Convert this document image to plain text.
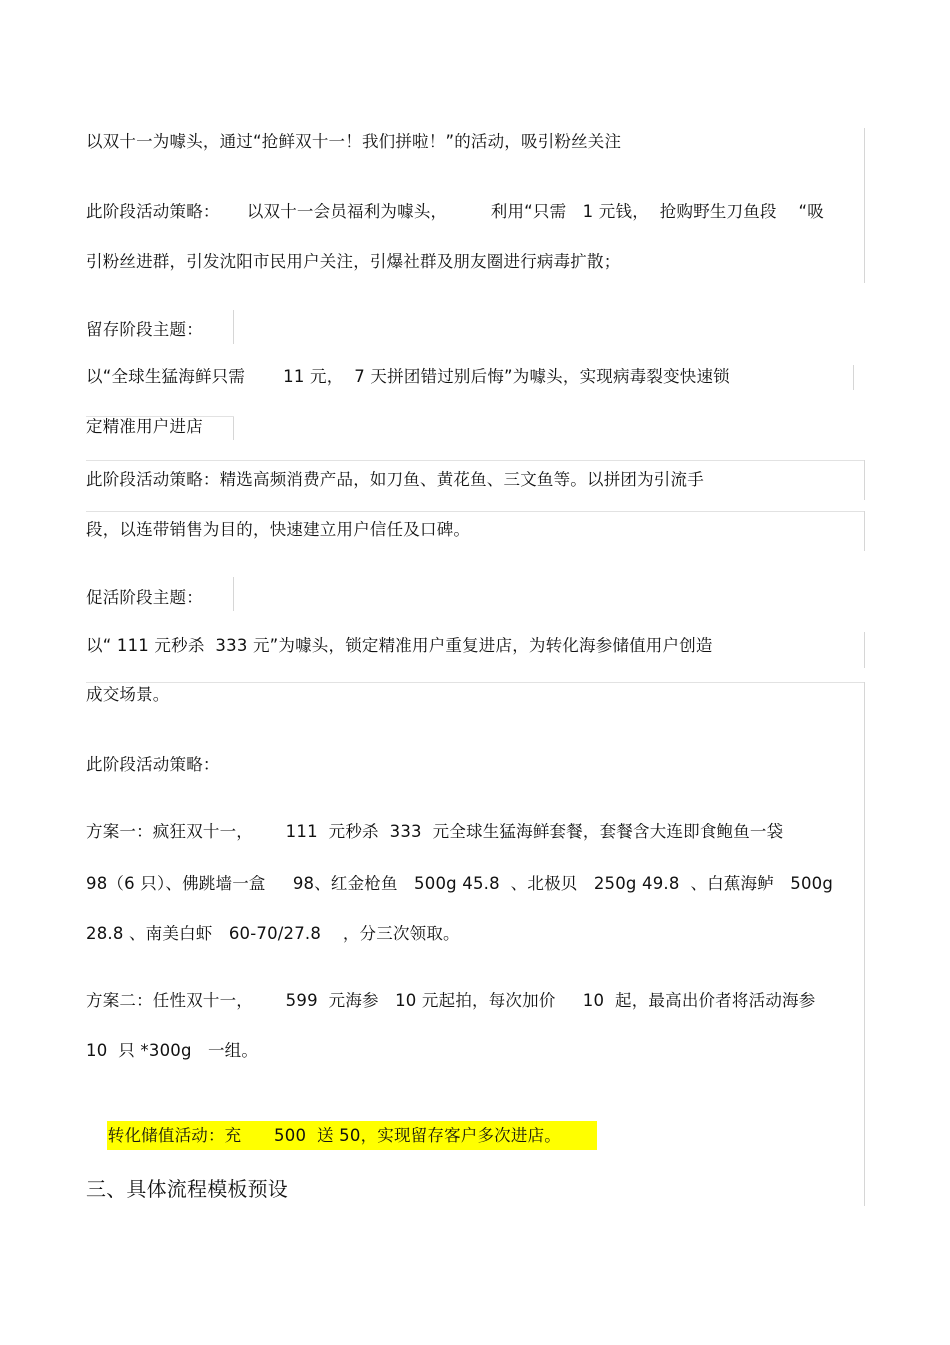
以双十一为噱头，通过“抢鲜双十一！我们拼啦！”的活动，吸引粉丝关注
此阶段活动策略：     以双十一会员福利为噱头，        利用“只需   1 元钱，  抢购野生刀鱼段    “吸
引粉丝进群，引发沈阳市民用户关注，引爆社群及朋友圈进行病毒扩散；
留存阶段主题：
以“全球生猛海鲜只需       11 元，  7 天拼团错过别后悔”为噱头，实现病毒裂变快速锁
定精准用户进店
此阶段活动策略：精选高频消费产品，如刀鱼、黄花鱼、三文鱼等。以拼团为引流手
段，以连带销售为目的，快速建立用户信任及口碑。
促活阶段主题：
以“ 111 元秒杀  333 元”为噱头，锁定精准用户重复进店，为转化海参储值用户创造
成交场景。
此阶段活动策略：
方案一：疯狂双十一，      111  元秒杀  333  元全球生猛海鲜套餐，套餐含大连即食鲍鱼一袋
98（6 只）、佛跳墙一盒     98、红金枪鱼   500g 45.8  、北极贝   250g 49.8  、白蕉海鲈   500g
28.8 、南美白虾   60-70/27.8    ，分三次领取。
方案二：任性双十一，      599  元海参   10 元起拍，每次加价     10  起，最高出价者将活动海参
10  只 *300g   一组。

转化储值活动：充      500  送 50，实现留存客户多次进店。

三、具体流程模板预设
